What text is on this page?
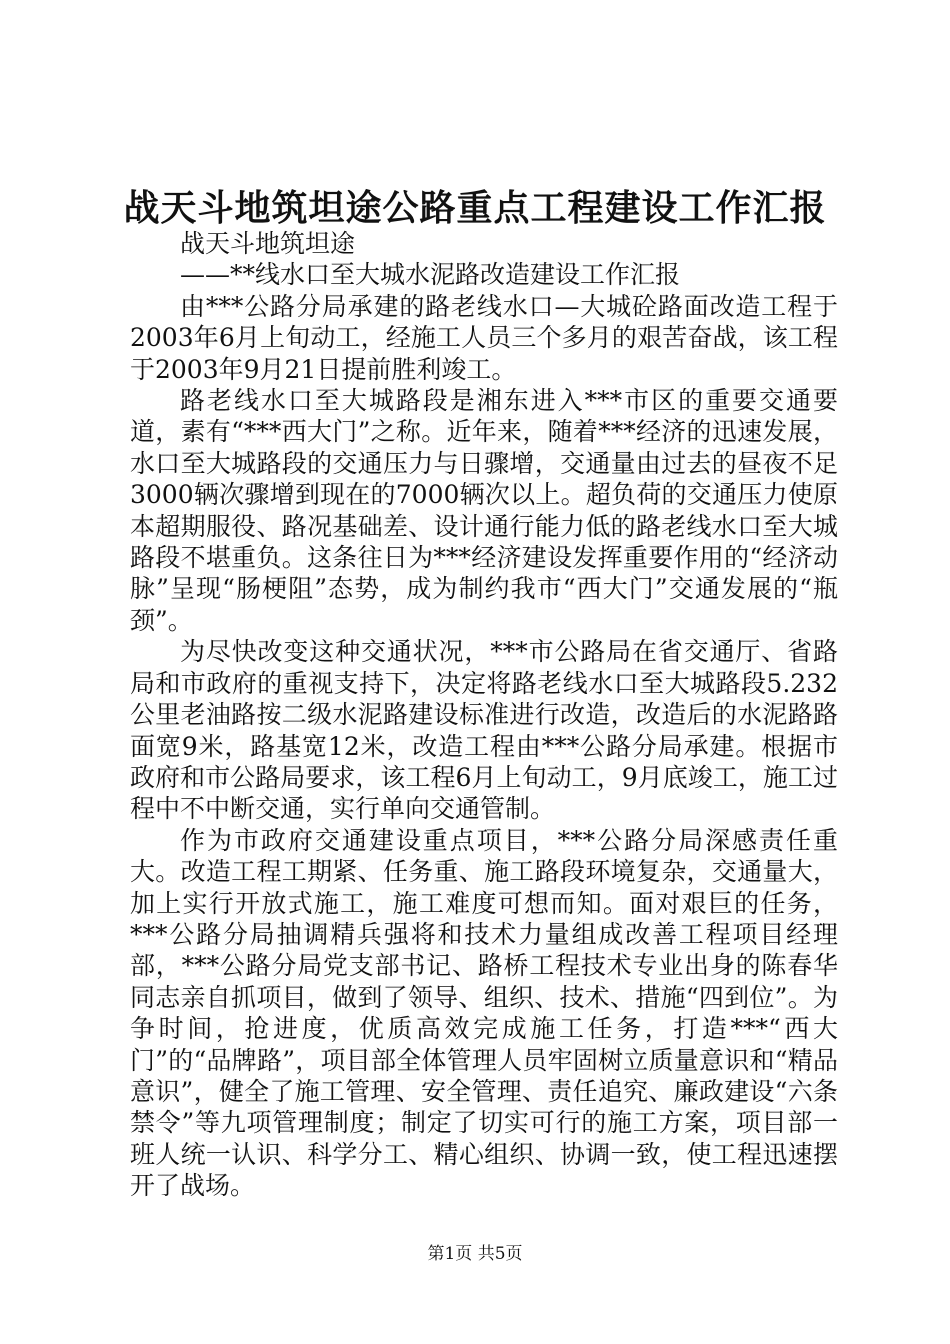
战天斗地筑坦途公路重点工程建设工作汇报

战天斗地筑坦途

——**线水口至大城水泥路改造建设工作汇报

由***公路分局承建的路老线水口—大城砼路面改造工程于2003年6月上旬动工，经施工人员三个多月的艰苦奋战，该工程于2003年9月21日提前胜利竣工。

路老线水口至大城路段是湘东进入***市区的重要交通要道，素有“***西大门”之称。近年来，随着***经济的迅速发展，水口至大城路段的交通压力与日骤增，交通量由过去的昼夜不足3000辆次骤增到现在的7000辆次以上。超负荷的交通压力使原本超期服役、路况基础差、设计通行能力低的路老线水口至大城路段不堪重负。这条往日为***经济建设发挥重要作用的“经济动脉”呈现“肠梗阻”态势，成为制约我市“西大门”交通发展的“瓶颈”。

为尽快改变这种交通状况，***市公路局在省交通厅、省路局和市政府的重视支持下，决定将路老线水口至大城路段5.232公里老油路按二级水泥路建设标准进行改造，改造后的水泥路路面宽9米，路基宽12米，改造工程由***公路分局承建。根据市政府和市公路局要求，该工程6月上旬动工，9月底竣工，施工过程中不中断交通，实行单向交通管制。

作为市政府交通建设重点项目，***公路分局深感责任重大。改造工程工期紧、任务重、施工路段环境复杂，交通量大，加上实行开放式施工，施工难度可想而知。面对艰巨的任务，***公路分局抽调精兵强将和技术力量组成改善工程项目经理部，***公路分局党支部书记、路桥工程技术专业出身的陈春华同志亲自抓项目，做到了领导、组织、技术、措施“四到位”。为争时间，抢进度，优质高效完成施工任务，打造***“西大门”的“品牌路”，项目部全体管理人员牢固树立质量意识和“精品意识”，健全了施工管理、安全管理、责任追究、廉政建设“六条禁令”等九项管理制度；制定了切实可行的施工方案，项目部一班人统一认识、科学分工、精心组织、协调一致，使工程迅速摆开了战场。

第1页 共5页
